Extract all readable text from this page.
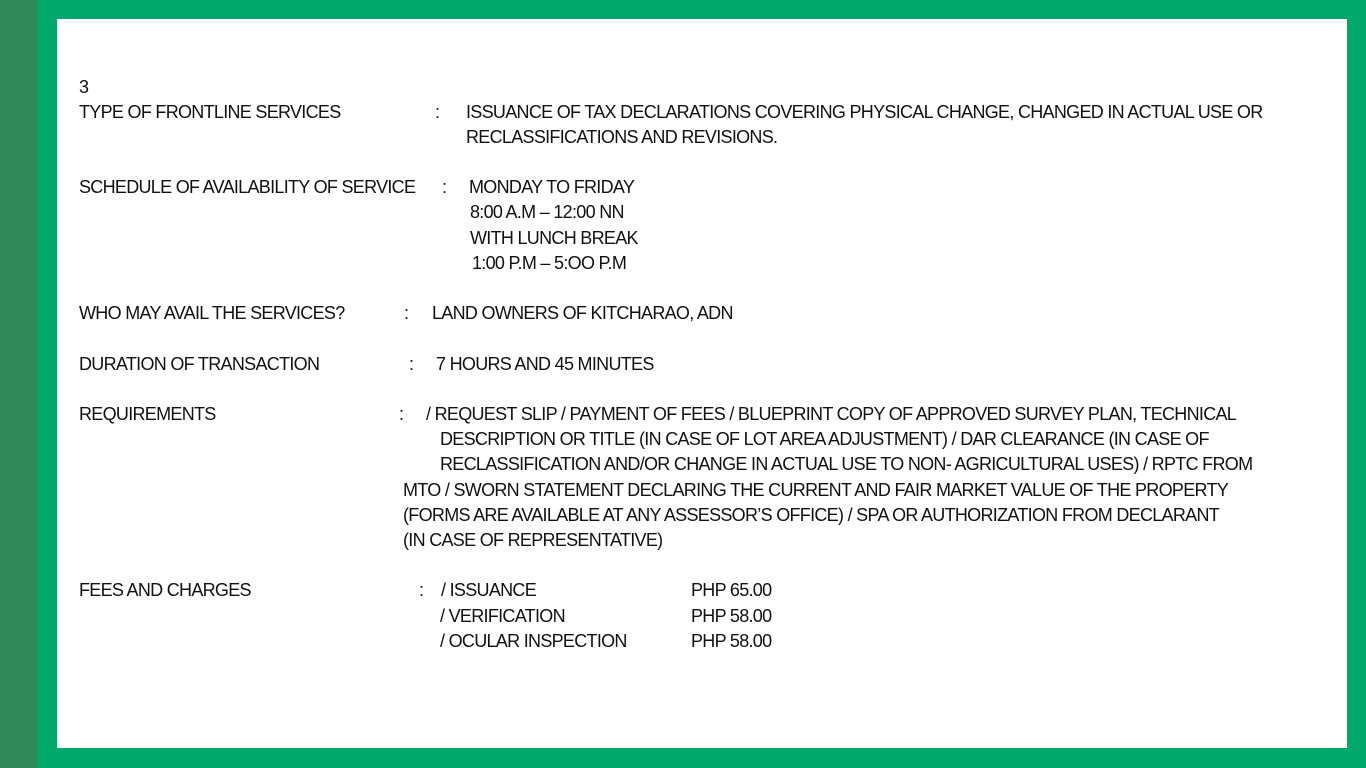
3
TYPE OF FRONTLINE SERVICES	: ISSUANCE OF TAX DECLARATIONS COVERING PHYSICAL CHANGE, CHANGED IN ACTUAL USE OR
RECLASSIFICATIONS AND REVISIONS.
SCHEDULE OF AVAILABILITY OF SERVICE : MONDAY TO FRIDAY
8:00 A.M – 12:00 NN
WITH LUNCH BREAK
1:00 P.M – 5:OO P.M
WHO MAY AVAIL THE SERVICES?	: LAND OWNERS OF KITCHARAO, ADN
DURATION OF TRANSACTION	: 7 HOURS AND 45 MINUTES
REQUIREMENTS	: / REQUEST SLIP / PAYMENT OF FEES / BLUEPRINT COPY OF APPROVED SURVEY PLAN, TECHNICAL
DESCRIPTION OR TITLE (IN CASE OF LOT AREA ADJUSTMENT) / DAR CLEARANCE (IN CASE OF
RECLASSIFICATION AND/OR CHANGE IN ACTUAL USE TO NON- AGRICULTURAL USES) / RPTC FROM
MTO / SWORN STATEMENT DECLARING THE CURRENT AND FAIR MARKET VALUE OF THE PROPERTY
(FORMS ARE AVAILABLE AT ANY ASSESSOR’S OFFICE) / SPA OR AUTHORIZATION FROM DECLARANT
(IN CASE OF REPRESENTATIVE)
FEES AND CHARGES	: / ISSUANCE	PHP 65.00
/ VERIFICATION	PHP 58.00
/ OCULAR INSPECTION	PHP 58.00
